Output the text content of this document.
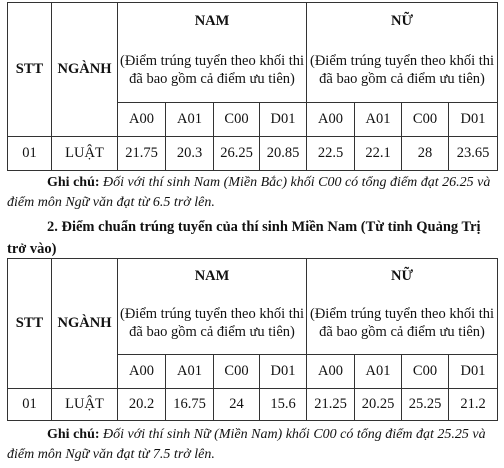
STT	NGÀNH	NAM				NỮ			
		(Điểm trúng tuyển theo khối thi đã bao gồm cả điểm ưu tiên)				(Điểm trúng tuyển theo khối thi đã bao gồm cả điểm ưu tiên)			
		A00	A01	C00	D01	A00	A01	C00	D01
01	LUẬT	21.75	20.3	26.25	20.85	22.5	22.1	28	23.65
Ghi chú: Đối với thí sinh Nam (Miền Bắc) khối C00 có tổng điểm đạt 26.25 và điểm môn Ngữ văn đạt từ 6.5 trở lên.
2. Điểm chuẩn trúng tuyển của thí sinh Miền Nam (Từ tỉnh Quảng Trị trở vào)
STT	NGÀNH	NAM				NỮ			
		(Điểm trúng tuyển theo khối thi đã bao gồm cả điểm ưu tiên)				(Điểm trúng tuyển theo khối thi đã bao gồm cả điểm ưu tiên)			
		A00	A01	C00	D01	A00	A01	C00	D01
01	LUẬT	20.2	16.75	24	15.6	21.25	20.25	25.25	21.2
Ghi chú: Đối với thí sinh Nữ (Miền Nam) khối C00 có tổng điểm đạt 25.25 và điểm môn Ngữ văn đạt từ 7.5 trở lên.
